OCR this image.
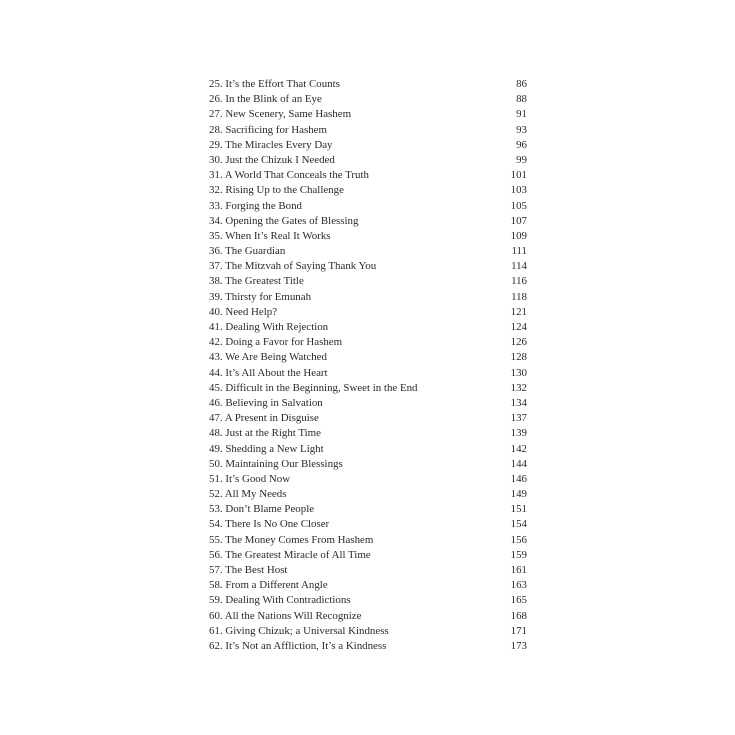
25. It’s the Effort That Counts	86
26. In the Blink of an Eye	88
27. New Scenery, Same Hashem	91
28. Sacrificing for Hashem	93
29. The Miracles Every Day	96
30. Just the Chizuk I Needed	99
31. A World That Conceals the Truth	101
32. Rising Up to the Challenge	103
33. Forging the Bond	105
34. Opening the Gates of Blessing	107
35. When It’s Real It Works	109
36. The Guardian	111
37. The Mitzvah of Saying Thank You	114
38. The Greatest Title	116
39. Thirsty for Emunah	118
40. Need Help?	121
41. Dealing With Rejection	124
42. Doing a Favor for Hashem	126
43. We Are Being Watched	128
44. It’s All About the Heart	130
45. Difficult in the Beginning, Sweet in the End	132
46. Believing in Salvation	134
47. A Present in Disguise	137
48. Just at the Right Time	139
49. Shedding a New Light	142
50. Maintaining Our Blessings	144
51. It’s Good Now	146
52. All My Needs	149
53. Don’t Blame People	151
54. There Is No One Closer	154
55. The Money Comes From Hashem	156
56. The Greatest Miracle of All Time	159
57. The Best Host	161
58. From a Different Angle	163
59. Dealing With Contradictions	165
60. All the Nations Will Recognize	168
61. Giving Chizuk; a Universal Kindness	171
62. It’s Not an Affliction, It’s a Kindness	173
